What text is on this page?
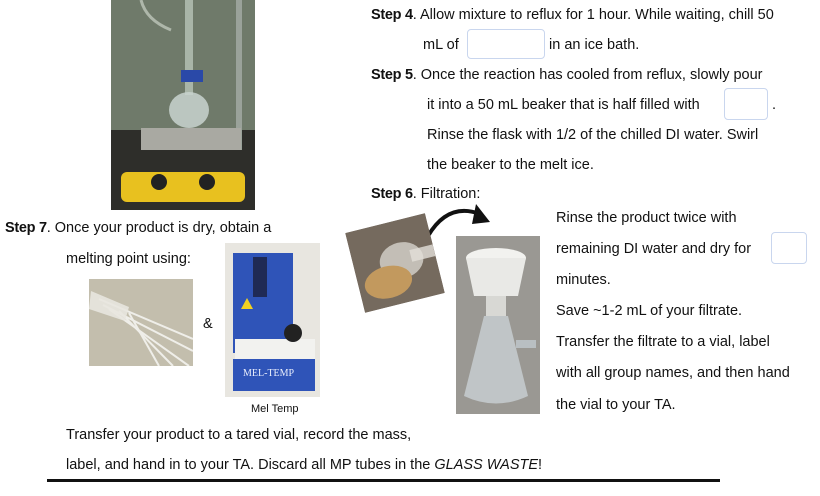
Step 4. Allow mixture to reflux for 1 hour. While waiting, chill 50
mL of	in an ice bath.
Step 5. Once the reaction has cooled from reflux, slowly pour
it into a 50 mL beaker that is half filled with	.
Rinse the flask with 1/2 of the chilled DI water. Swirl
the beaker to the melt ice.
Step 6. Filtration:
Rinse the product twice with
remaining DI water and dry for
minutes.
Save ~1-2 mL of your filtrate.
Transfer the filtrate to a vial, label
with all group names, and then hand
the vial to your TA.
Step 7. Once your product is dry, obtain a
melting point using:
&
MEL-TEMP
Mel Temp
Transfer your product to a tared vial, record the mass,
label, and hand in to your TA. Discard all MP tubes in the GLASS WASTE!
